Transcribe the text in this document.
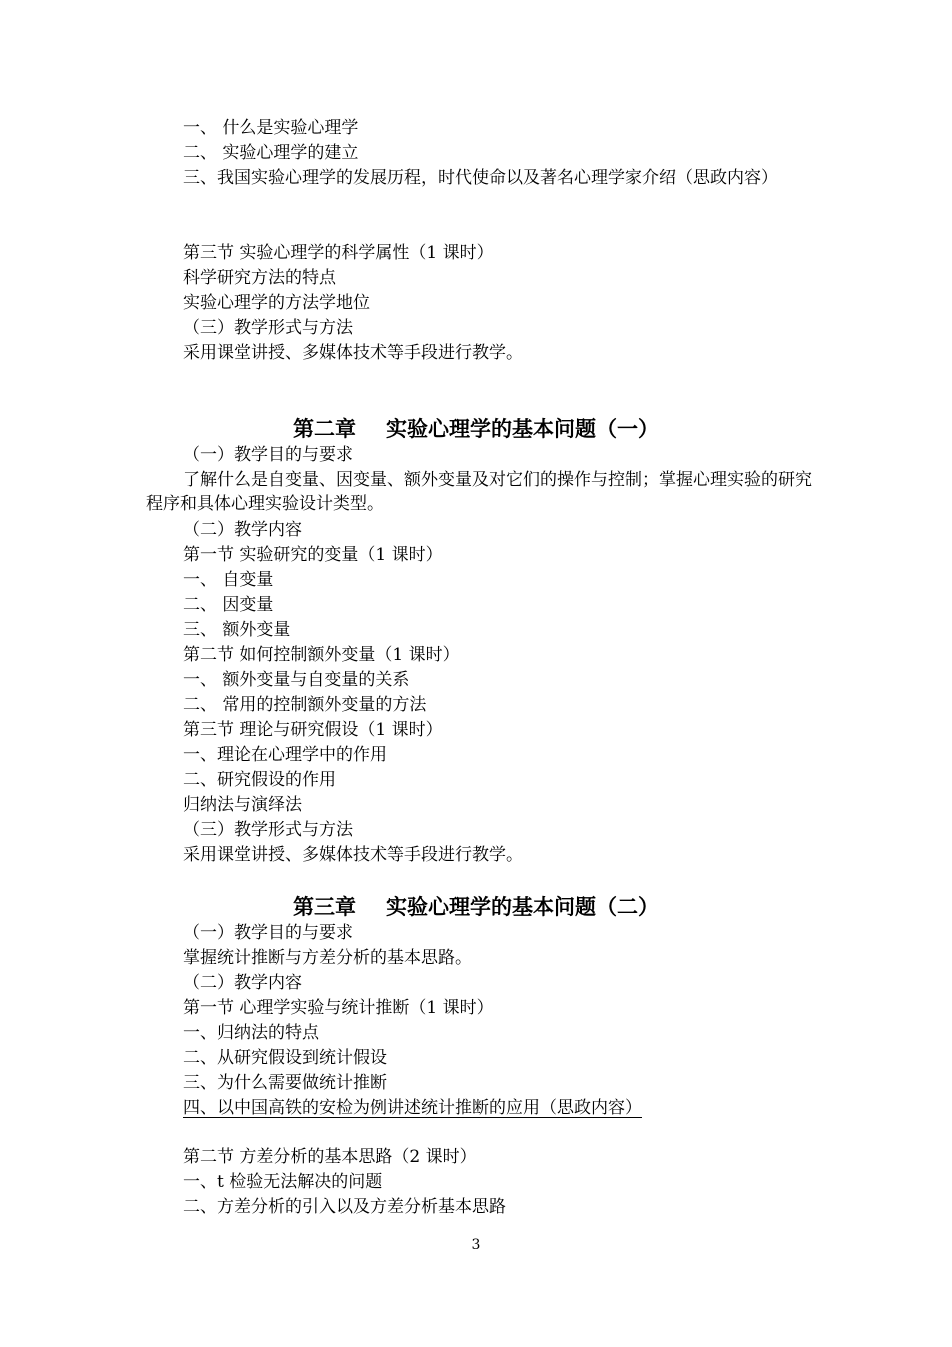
一、 什么是实验心理学

二、 实验心理学的建立

三、我国实验心理学的发展历程，时代使命以及著名心理学家介绍（思政内容）

第三节 实验心理学的科学属性（1 课时）

科学研究方法的特点

实验心理学的方法学地位

（三）教学形式与方法

采用课堂讲授、多媒体技术等手段进行教学。

第二章 实验心理学的基本问题（一）

（一）教学目的与要求

了解什么是自变量、因变量、额外变量及对它们的操作与控制；掌握心理实验的研究程序和具体心理实验设计类型。

（二）教学内容

第一节 实验研究的变量（1 课时）

一、 自变量

二、 因变量

三、 额外变量

第二节 如何控制额外变量（1 课时）

一、 额外变量与自变量的关系

二、 常用的控制额外变量的方法

第三节 理论与研究假设（1 课时）

一、理论在心理学中的作用

二、研究假设的作用

归纳法与演绎法

（三）教学形式与方法

采用课堂讲授、多媒体技术等手段进行教学。

第三章 实验心理学的基本问题（二）

（一）教学目的与要求

掌握统计推断与方差分析的基本思路。

（二）教学内容

第一节 心理学实验与统计推断（1 课时）

一、归纳法的特点

二、从研究假设到统计假设

三、为什么需要做统计推断

四、以中国高铁的安检为例讲述统计推断的应用（思政内容）

第二节 方差分析的基本思路（2 课时）

一、t 检验无法解决的问题

二、方差分析的引入以及方差分析基本思路

3
